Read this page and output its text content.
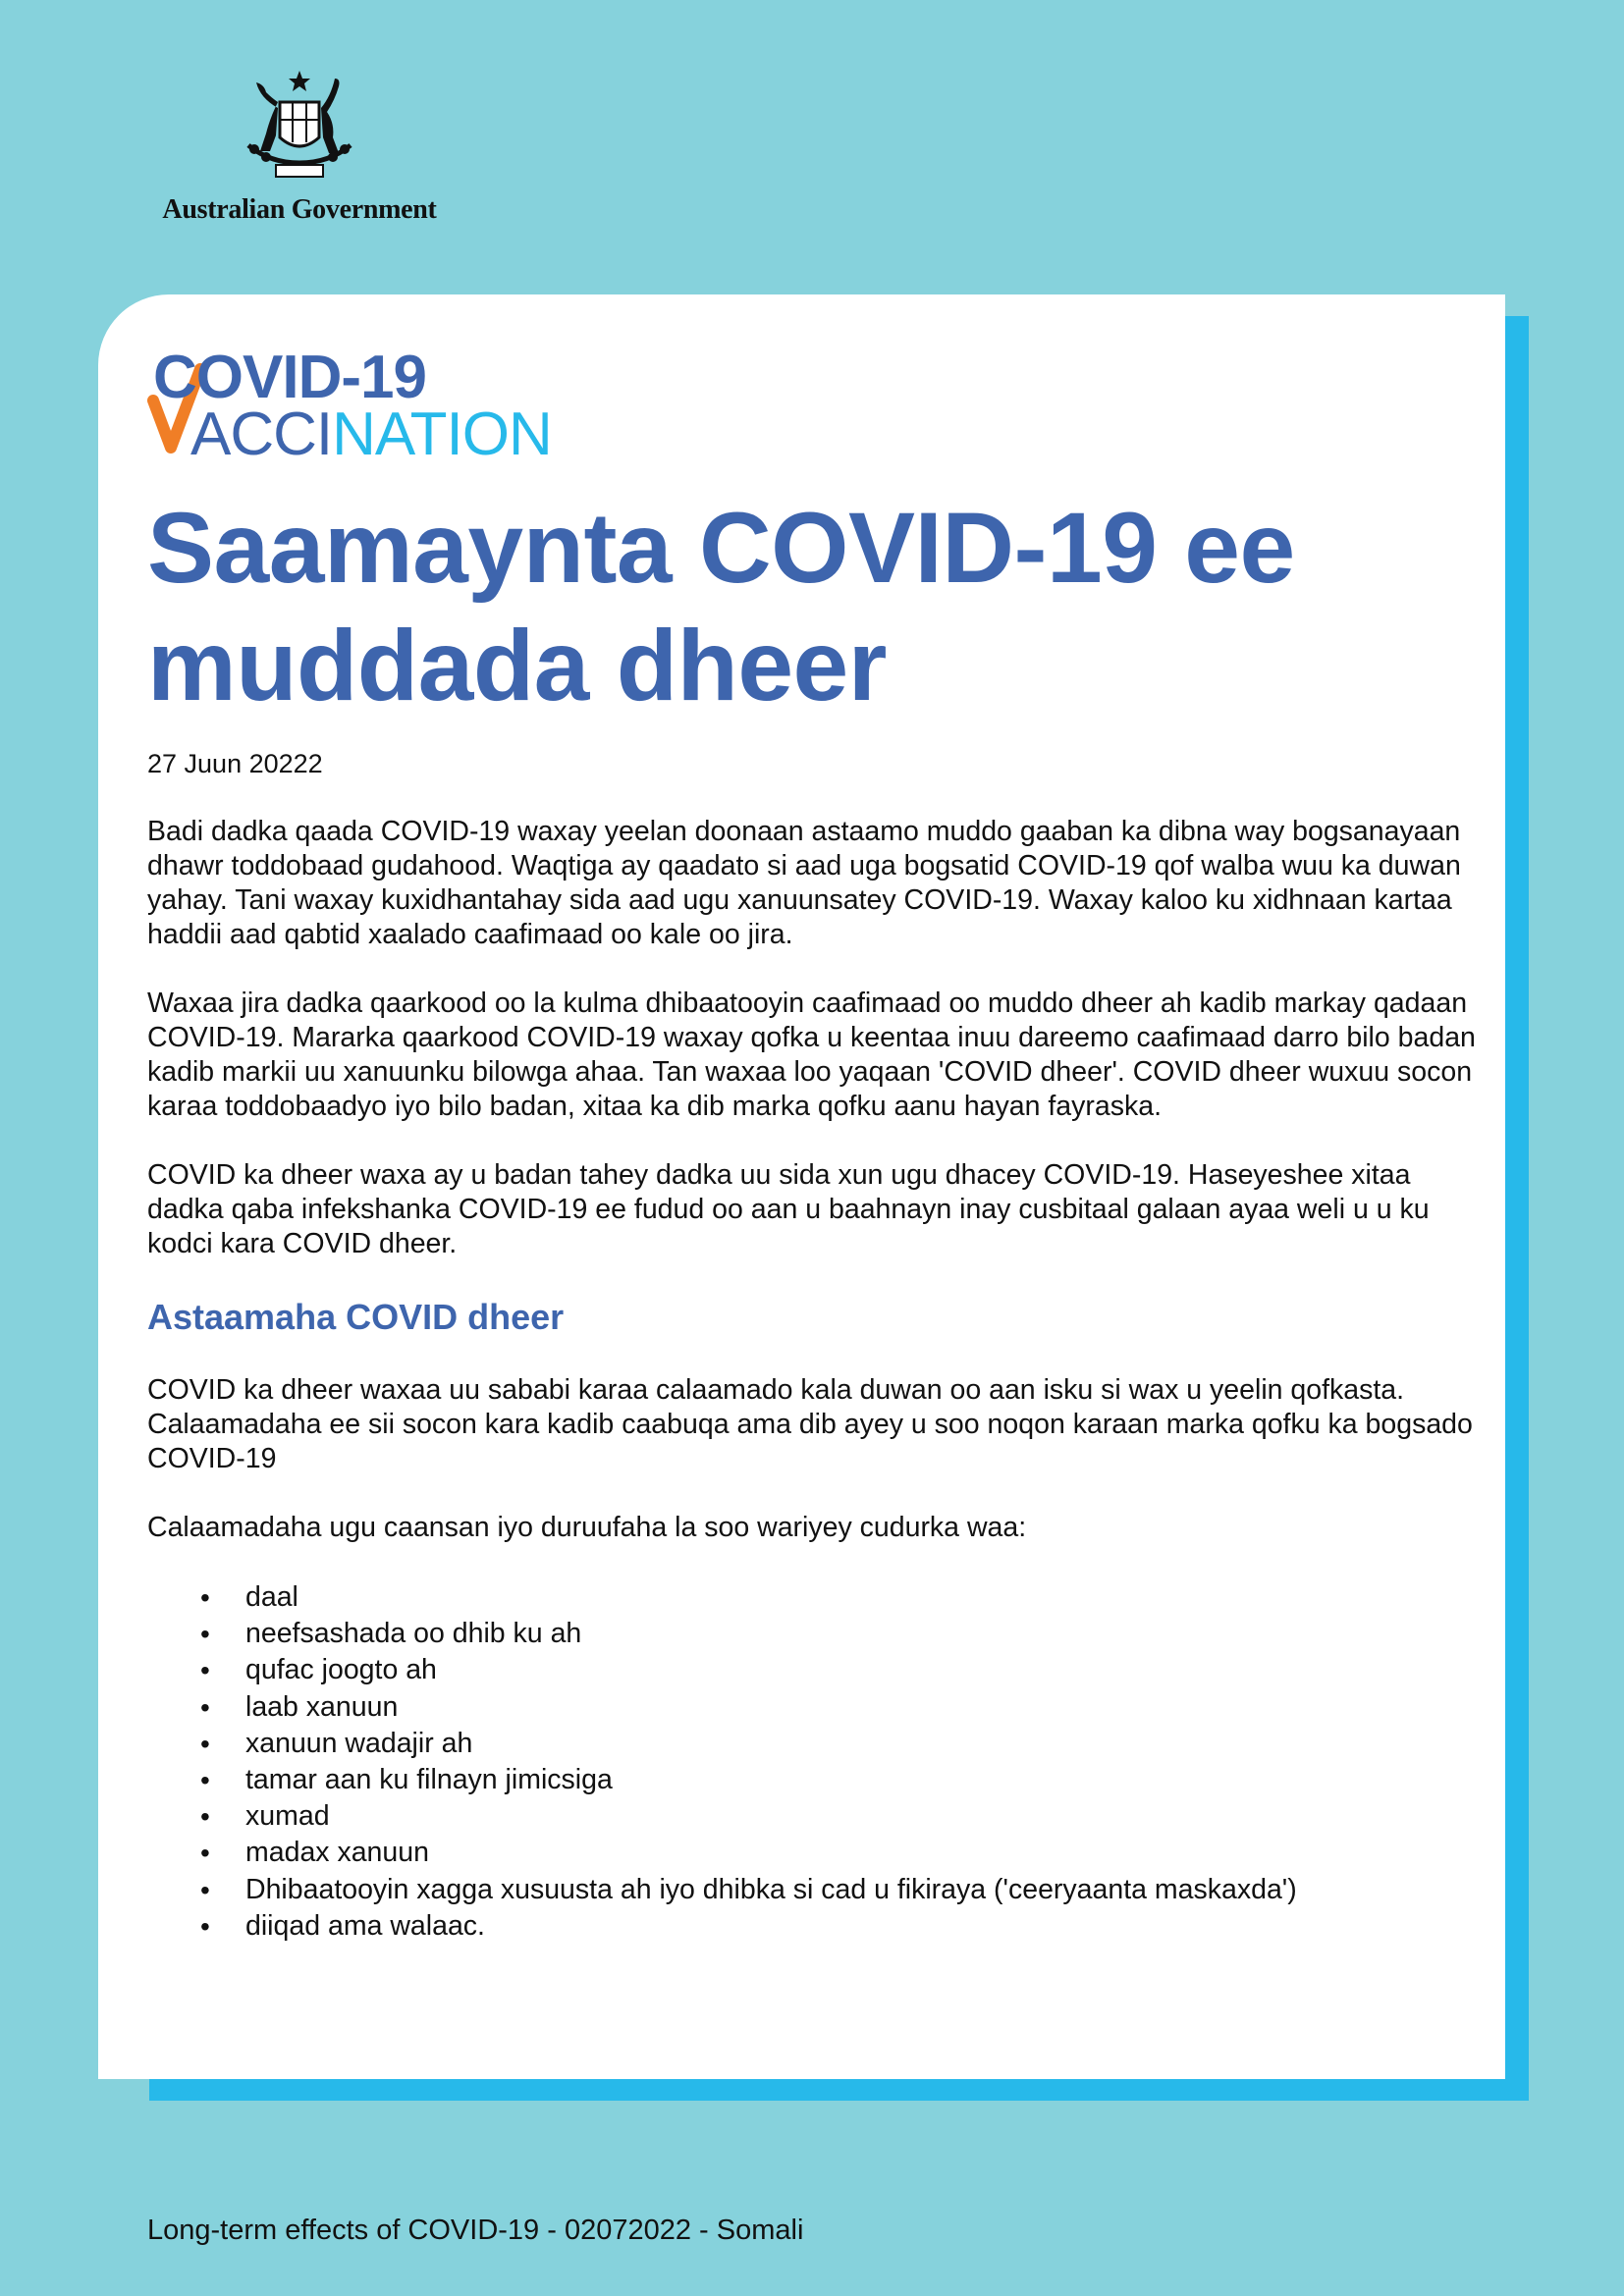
Australian Government
COVID-19
ACCINATION
Saamaynta COVID-19 ee muddada dheer

27 Juun 20222

Badi dadka qaada COVID-19 waxay yeelan doonaan astaamo muddo gaaban ka dibna way bogsanayaan dhawr toddobaad gudahood. Waqtiga ay qaadato si aad uga bogsatid COVID-19 qof walba wuu ka duwan yahay. Tani waxay kuxidhantahay sida aad ugu xanuunsatey COVID-19. Waxay kaloo ku xidhnaan kartaa haddii aad qabtid xaalado caafimaad oo kale oo jira.

Waxaa jira dadka qaarkood oo la kulma dhibaatooyin caafimaad oo muddo dheer ah kadib markay qadaan COVID-19. Mararka qaarkood COVID-19 waxay qofka u keentaa inuu dareemo caafimaad darro bilo badan kadib markii uu xanuunku bilowga ahaa. Tan waxaa loo yaqaan 'COVID dheer'. COVID dheer wuxuu socon karaa toddobaadyo iyo bilo badan, xitaa ka dib marka qofku aanu hayan fayraska.

COVID ka dheer waxa ay u badan tahey dadka uu sida xun ugu dhacey COVID-19. Haseyeshee xitaa dadka qaba infekshanka COVID-19 ee fudud oo aan u baahnayn inay cusbitaal galaan ayaa weli u u ku kodci kara COVID dheer.

Astaamaha COVID dheer

COVID ka dheer waxaa uu sababi karaa calaamado kala duwan oo aan isku si wax u yeelin qofkasta. Calaamadaha ee sii socon kara kadib caabuqa ama dib ayey u soo noqon karaan marka qofku ka bogsado COVID-19

Calaamadaha ugu caansan iyo duruufaha la soo wariyey cudurka waa:

• daal
• neefsashada oo dhib ku ah
• qufac joogto ah
• laab xanuun
• xanuun wadajir ah
• tamar aan ku filnayn jimicsiga
• xumad
• madax xanuun
• Dhibaatooyin xagga xusuusta ah iyo dhibka si cad u fikiraya ('ceeryaanta maskaxda')
• diiqad ama walaac.

Long-term effects of COVID-19 - 02072022 - Somali
